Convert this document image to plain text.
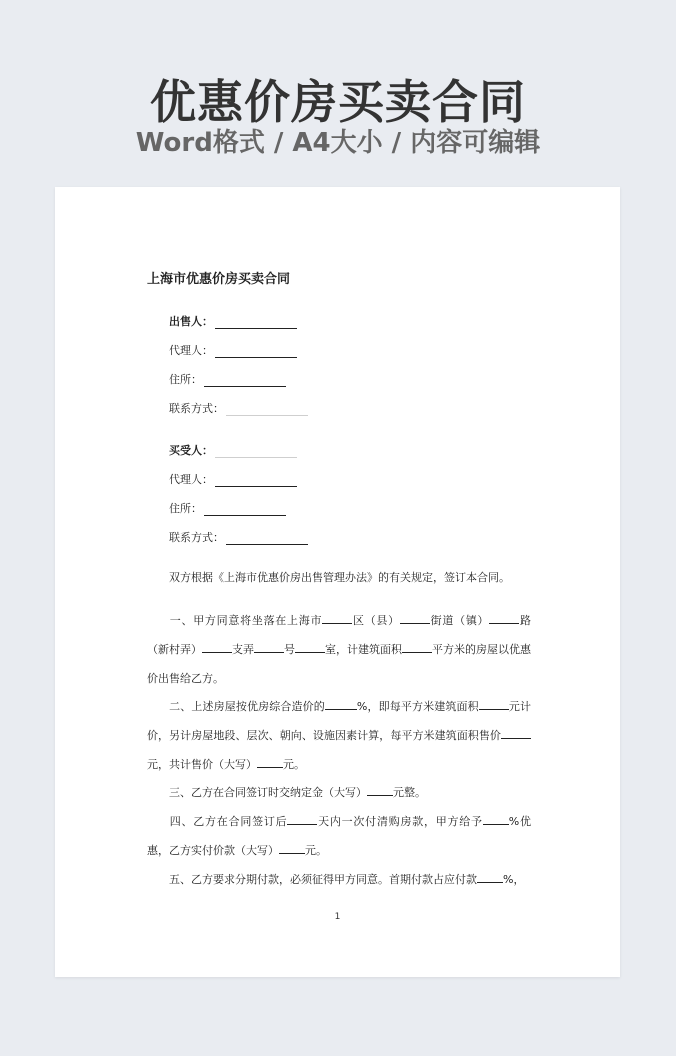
优惠价房买卖合同
Word格式 / A4大小 / 内容可编辑
上海市优惠价房买卖合同
出售人：
代理人：
住所：
联系方式：
买受人：
代理人：
住所：
联系方式：

双方根据《上海市优惠价房出售管理办法》的有关规定，签订本合同。

一、甲方同意将坐落在上海市	区（县）	街道（镇）	路（新村弄）	支弄	号	室，计建筑面积	平方米的房屋以优惠价出售给乙方。

二、上述房屋按优房综合造价的	%，即每平方米建筑面积	元计价，另计房屋地段、层次、朝向、设施因素计算，每平方米建筑面积售价元，共计售价（大写） 元。

三、乙方在合同签订时交纳定金（大写） 元整。

四、乙方在合同签订后	天内一次付清购房款，甲方给予 %优惠，乙方实付价款（大写） 元。

五、乙方要求分期付款，必须征得甲方同意。首期付款占应付款 %，

1
